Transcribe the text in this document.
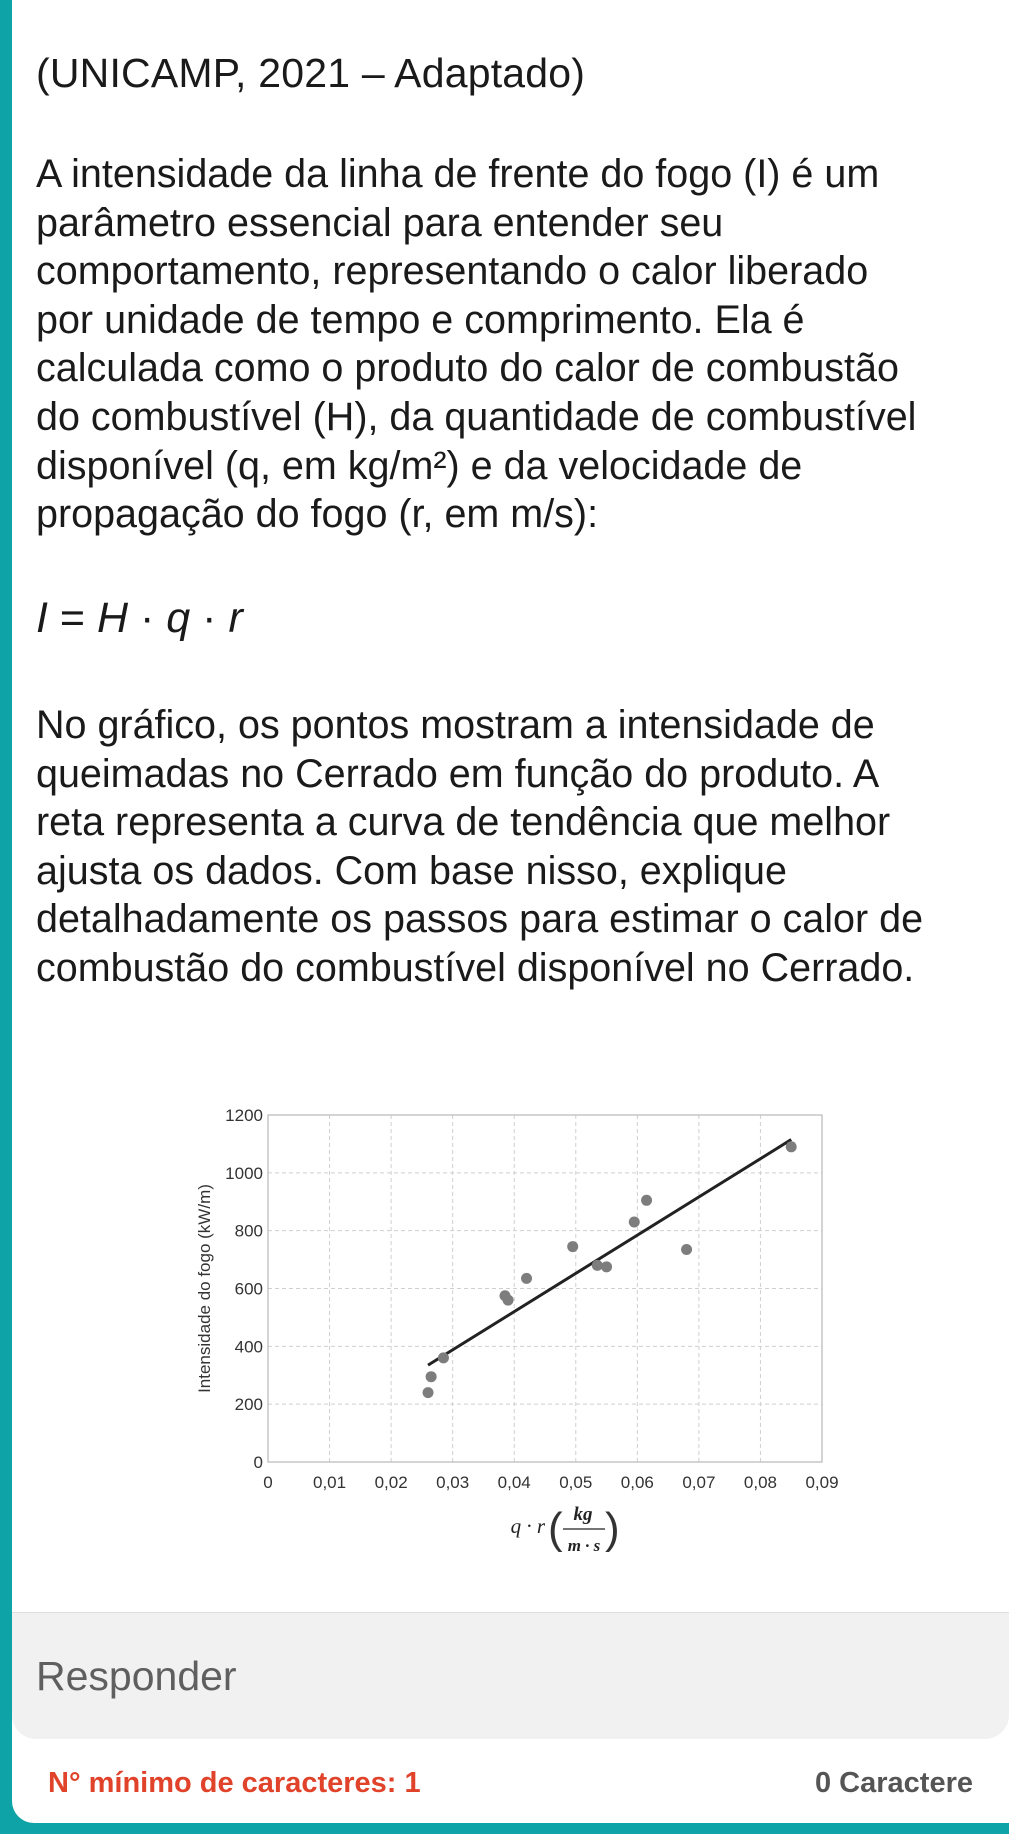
(UNICAMP, 2021 – Adaptado)
A intensidade da linha de frente do fogo (I) é um
parâmetro essencial para entender seu
comportamento, representando o calor liberado
por unidade de tempo e comprimento. Ela é
calculada como o produto do calor de combustão
do combustível (H), da quantidade de combustível
disponível (q, em kg/m²) e da velocidade de
propagação do fogo (r, em m/s):
I = H · q · r
No gráfico, os pontos mostram a intensidade de
queimadas no Cerrado em função do produto. A
reta representa a curva de tendência que melhor
ajusta os dados. Com base nisso, explique
detalhadamente os passos para estimar o calor de
combustão do combustível disponível no Cerrado.
0 0,01 0,02 0,03 0,04 0,05 0,06 0,07 0,08 0,09
0
200
400
600
800
1000
1200
Intensidade do fogo (kW/m)
q · r ( kg
m · s )
Responder
N° mínimo de caracteres: 1	0 Caractere
